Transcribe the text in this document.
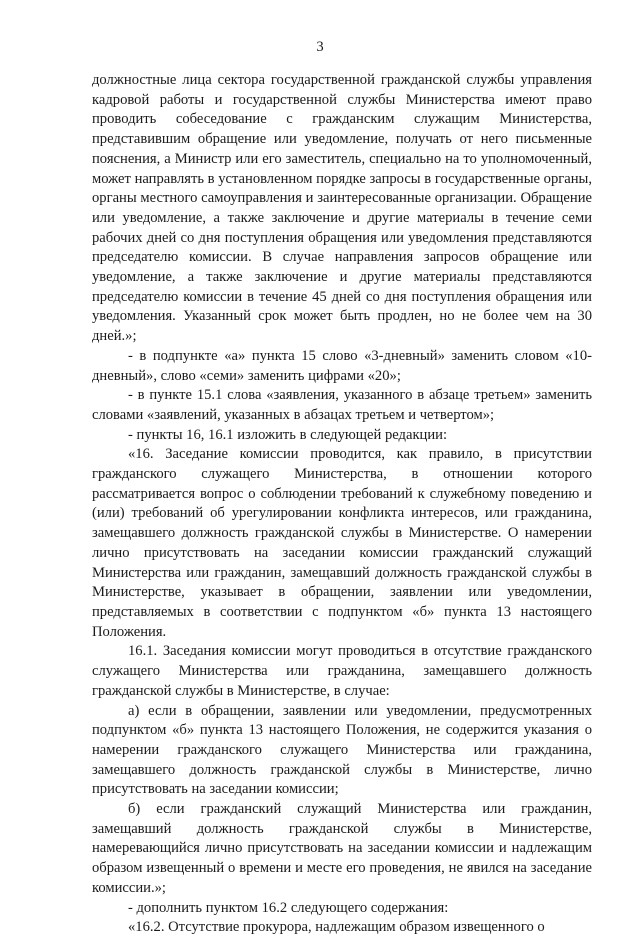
3

должностные лица сектора государственной гражданской службы управления кадровой работы и государственной службы Министерства имеют право проводить собеседование с гражданским служащим Министерства, представившим обращение или уведомление, получать от него письменные пояснения, а Министр или его заместитель, специально на то уполномоченный, может направлять в установленном порядке запросы в государственные органы, органы местного самоуправления и заинтересованные организации. Обращение или уведомление, а также заключение и другие материалы в течение семи рабочих дней со дня поступления обращения или уведомления представляются председателю комиссии. В случае направления запросов обращение или уведомление, а также заключение и другие материалы представляются председателю комиссии в течение 45 дней со дня поступления обращения или уведомления. Указанный срок может быть продлен, но не более чем на 30 дней.»;

- в подпункте «а» пункта 15 слово «3-дневный» заменить словом «10-дневный», слово «семи» заменить цифрами «20»;

- в пункте 15.1 слова «заявления, указанного в абзаце третьем» заменить словами «заявлений, указанных в абзацах третьем и четвертом»;

- пункты 16, 16.1 изложить в следующей редакции:

«16. Заседание комиссии проводится, как правило, в присутствии гражданского служащего Министерства, в отношении которого рассматривается вопрос о соблюдении требований к служебному поведению и (или) требований об урегулировании конфликта интересов, или гражданина, замещавшего должность гражданской службы в Министерстве. О намерении лично присутствовать на заседании комиссии гражданский служащий Министерства или гражданин, замещавший должность гражданской службы в Министерстве, указывает в обращении, заявлении или уведомлении, представляемых в соответствии с подпунктом «б» пункта 13 настоящего Положения.

16.1. Заседания комиссии могут проводиться в отсутствие гражданского служащего Министерства или гражданина, замещавшего должность гражданской службы в Министерстве, в случае:

а) если в обращении, заявлении или уведомлении, предусмотренных подпунктом «б» пункта 13 настоящего Положения, не содержится указания о намерении гражданского служащего Министерства или гражданина, замещавшего должность гражданской службы в Министерстве, лично присутствовать на заседании комиссии;

б) если гражданский служащий Министерства или гражданин, замещавший должность гражданской службы в Министерстве, намеревающийся лично присутствовать на заседании комиссии и надлежащим образом извещенный о времени и месте его проведения, не явился на заседание комиссии.»;

- дополнить пунктом 16.2 следующего содержания:

«16.2. Отсутствие прокурора, надлежащим образом извещенного о
